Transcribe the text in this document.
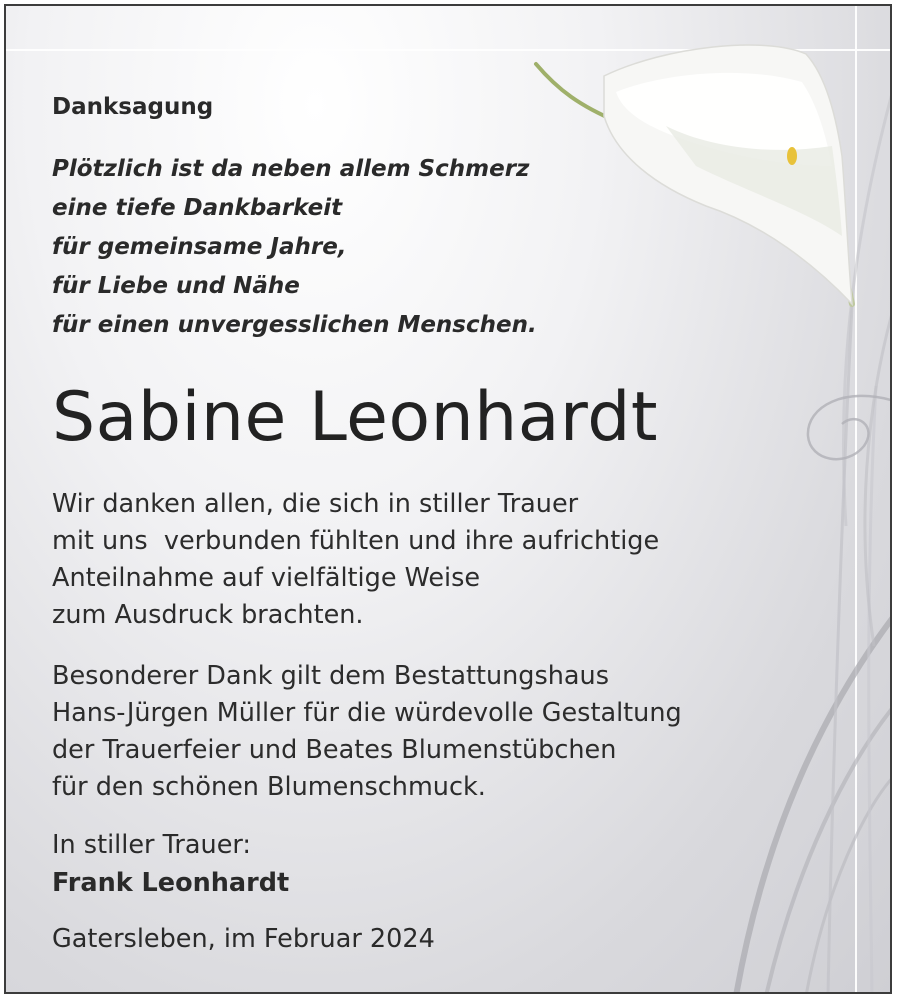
Danksagung
Plötzlich ist da neben allem Schmerz
eine tiefe Dankbarkeit
für gemeinsame Jahre,
für Liebe und Nähe
für einen unvergesslichen Menschen.
Sabine Leonhardt
Wir danken allen, die sich in stiller Trauer
mit uns  verbunden fühlten und ihre aufrichtige
Anteilnahme auf vielfältige Weise
zum Ausdruck brachten.
Besonderer Dank gilt dem Bestattungshaus
Hans-Jürgen Müller für die würdevolle Gestaltung
der Trauerfeier und Beates Blumenstübchen
für den schönen Blumenschmuck.
In stiller Trauer:
Frank Leonhardt
Gatersleben, im Februar 2024
